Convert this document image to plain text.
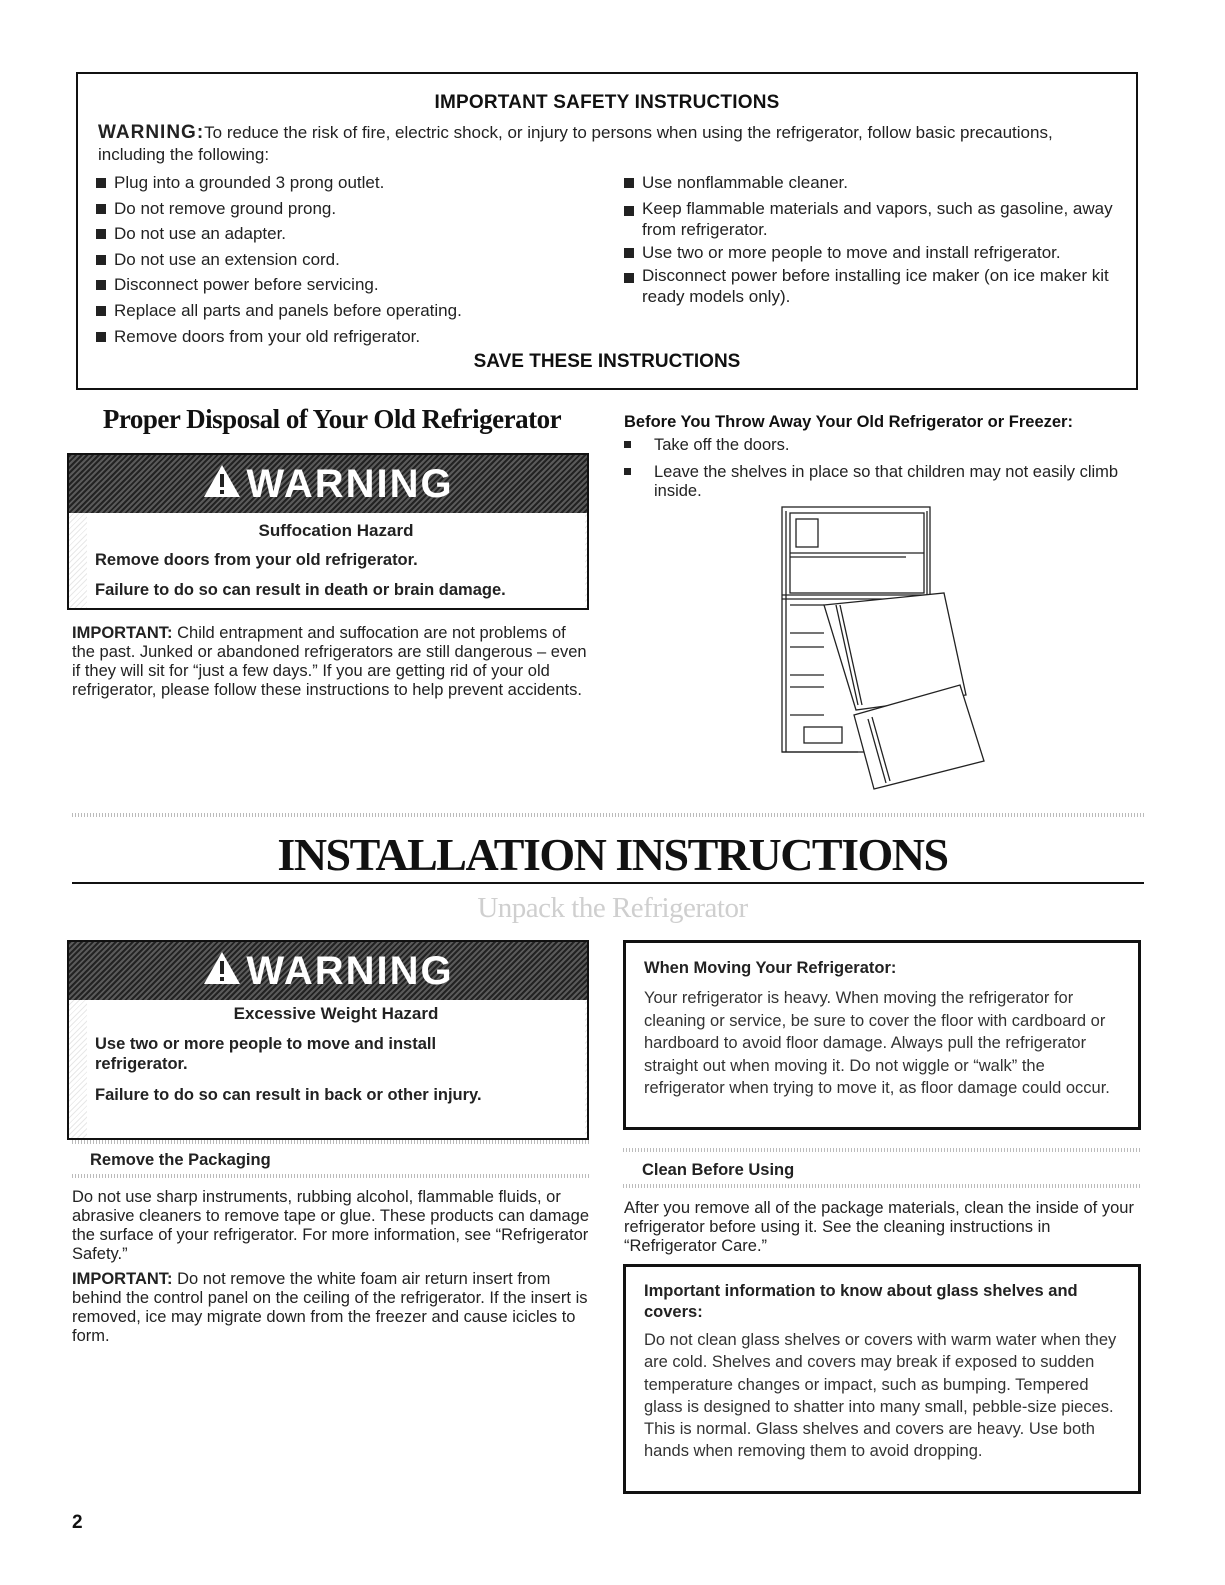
IMPORTANT SAFETY INSTRUCTIONS
WARNING:To reduce the risk of fire, electric shock, or injury to persons when using the refrigerator, follow basic precautions, including the following:
Plug into a grounded 3 prong outlet.
Do not remove ground prong.
Do not use an adapter.
Do not use an extension cord.
Disconnect power before servicing.
Replace all parts and panels before operating.
Remove doors from your old refrigerator.
Use nonflammable cleaner.
Keep flammable materials and vapors, such as gasoline, away from refrigerator.
Use two or more people to move and install refrigerator.
Disconnect power before installing ice maker (on ice maker kit ready models only).
SAVE THESE INSTRUCTIONS
Proper Disposal of Your Old Refrigerator
WARNING
Suffocation Hazard
Remove doors from your old refrigerator.
Failure to do so can result in death or brain damage.
IMPORTANT: Child entrapment and suffocation are not problems of the past. Junked or abandoned refrigerators are still dangerous – even if they will sit for “just a few days.” If you are getting rid of your old refrigerator, please follow these instructions to help prevent accidents.
Before You Throw Away Your Old Refrigerator or Freezer:
Take off the doors.
Leave the shelves in place so that children may not easily climb inside.
INSTALLATION INSTRUCTIONS
Unpack the Refrigerator
WARNING
Excessive Weight Hazard
Use two or more people to move and install refrigerator.
Failure to do so can result in back or other injury.
When Moving Your Refrigerator:
Your refrigerator is heavy. When moving the refrigerator for cleaning or service, be sure to cover the floor with cardboard or hardboard to avoid floor damage. Always pull the refrigerator straight out when moving it. Do not wiggle or “walk” the refrigerator when trying to move it, as floor damage could occur.
Remove the Packaging
Do not use sharp instruments, rubbing alcohol, flammable fluids, or abrasive cleaners to remove tape or glue. These products can damage the surface of your refrigerator. For more information, see “Refrigerator Safety.”
IMPORTANT: Do not remove the white foam air return insert from behind the control panel on the ceiling of the refrigerator. If the insert is removed, ice may migrate down from the freezer and cause icicles to form.
Clean Before Using
After you remove all of the package materials, clean the inside of your refrigerator before using it. See the cleaning instructions in “Refrigerator Care.”
Important information to know about glass shelves and covers:
Do not clean glass shelves or covers with warm water when they are cold. Shelves and covers may break if exposed to sudden temperature changes or impact, such as bumping. Tempered glass is designed to shatter into many small, pebble-size pieces. This is normal. Glass shelves and covers are heavy. Use both hands when removing them to avoid dropping.
2
